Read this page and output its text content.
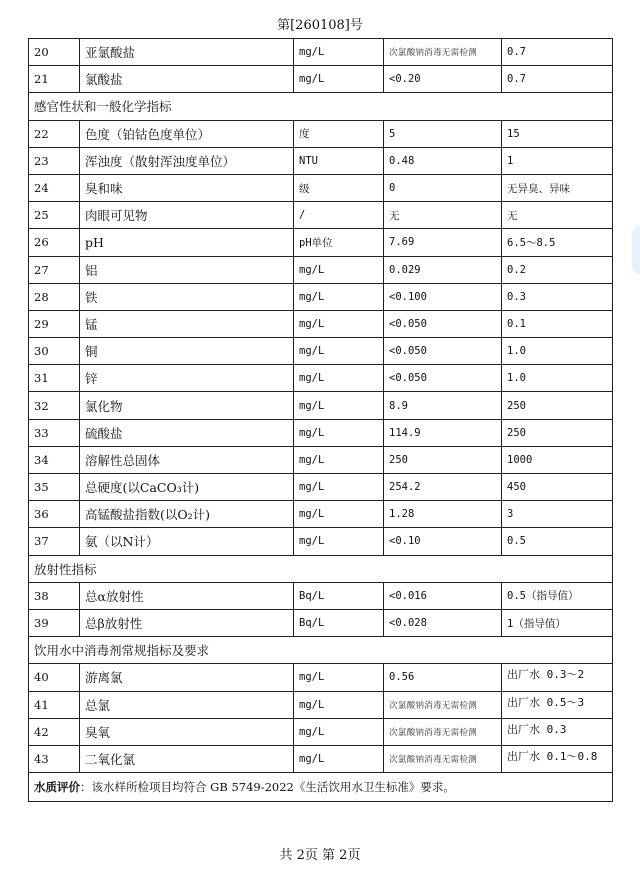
第[260108]号
20	亚氯酸盐	mg/L	次氯酸钠消毒无需检测	0.7
21	氯酸盐	mg/L	<0.20	0.7
感官性状和一般化学指标				
22	色度（铂钴色度单位）	度	5	15
23	浑浊度（散射浑浊度单位）	NTU	0.48	1
24	臭和味	级	0	无异臭、异味
25	肉眼可见物	/	无	无
26	pH	pH单位	7.69	6.5～8.5
27	铝	mg/L	0.029	0.2
28	铁	mg/L	<0.100	0.3
29	锰	mg/L	<0.050	0.1
30	铜	mg/L	<0.050	1.0
31	锌	mg/L	<0.050	1.0
32	氯化物	mg/L	8.9	250
33	硫酸盐	mg/L	114.9	250
34	溶解性总固体	mg/L	250	1000
35	总硬度(以CaCO₃计)	mg/L	254.2	450
36	高锰酸盐指数(以O₂计)	mg/L	1.28	3
37	氨（以N计）	mg/L	<0.10	0.5
放射性指标				
38	总α放射性	Bq/L	<0.016	0.5（指导值）
39	总β放射性	Bq/L	<0.028	1（指导值）
饮用水中消毒剂常规指标及要求				
40	游离氯	mg/L	0.56	出厂水 0.3～2
41	总氯	mg/L	次氯酸钠消毒无需检测	出厂水 0.5～3
42	臭氧	mg/L	次氯酸钠消毒无需检测	出厂水 0.3
43	二氧化氯	mg/L	次氯酸钠消毒无需检测	出厂水 0.1～0.8
水质评价：该水样所检项目均符合 GB 5749-2022《生活饮用水卫生标准》要求。				
共 2页 第 2页
